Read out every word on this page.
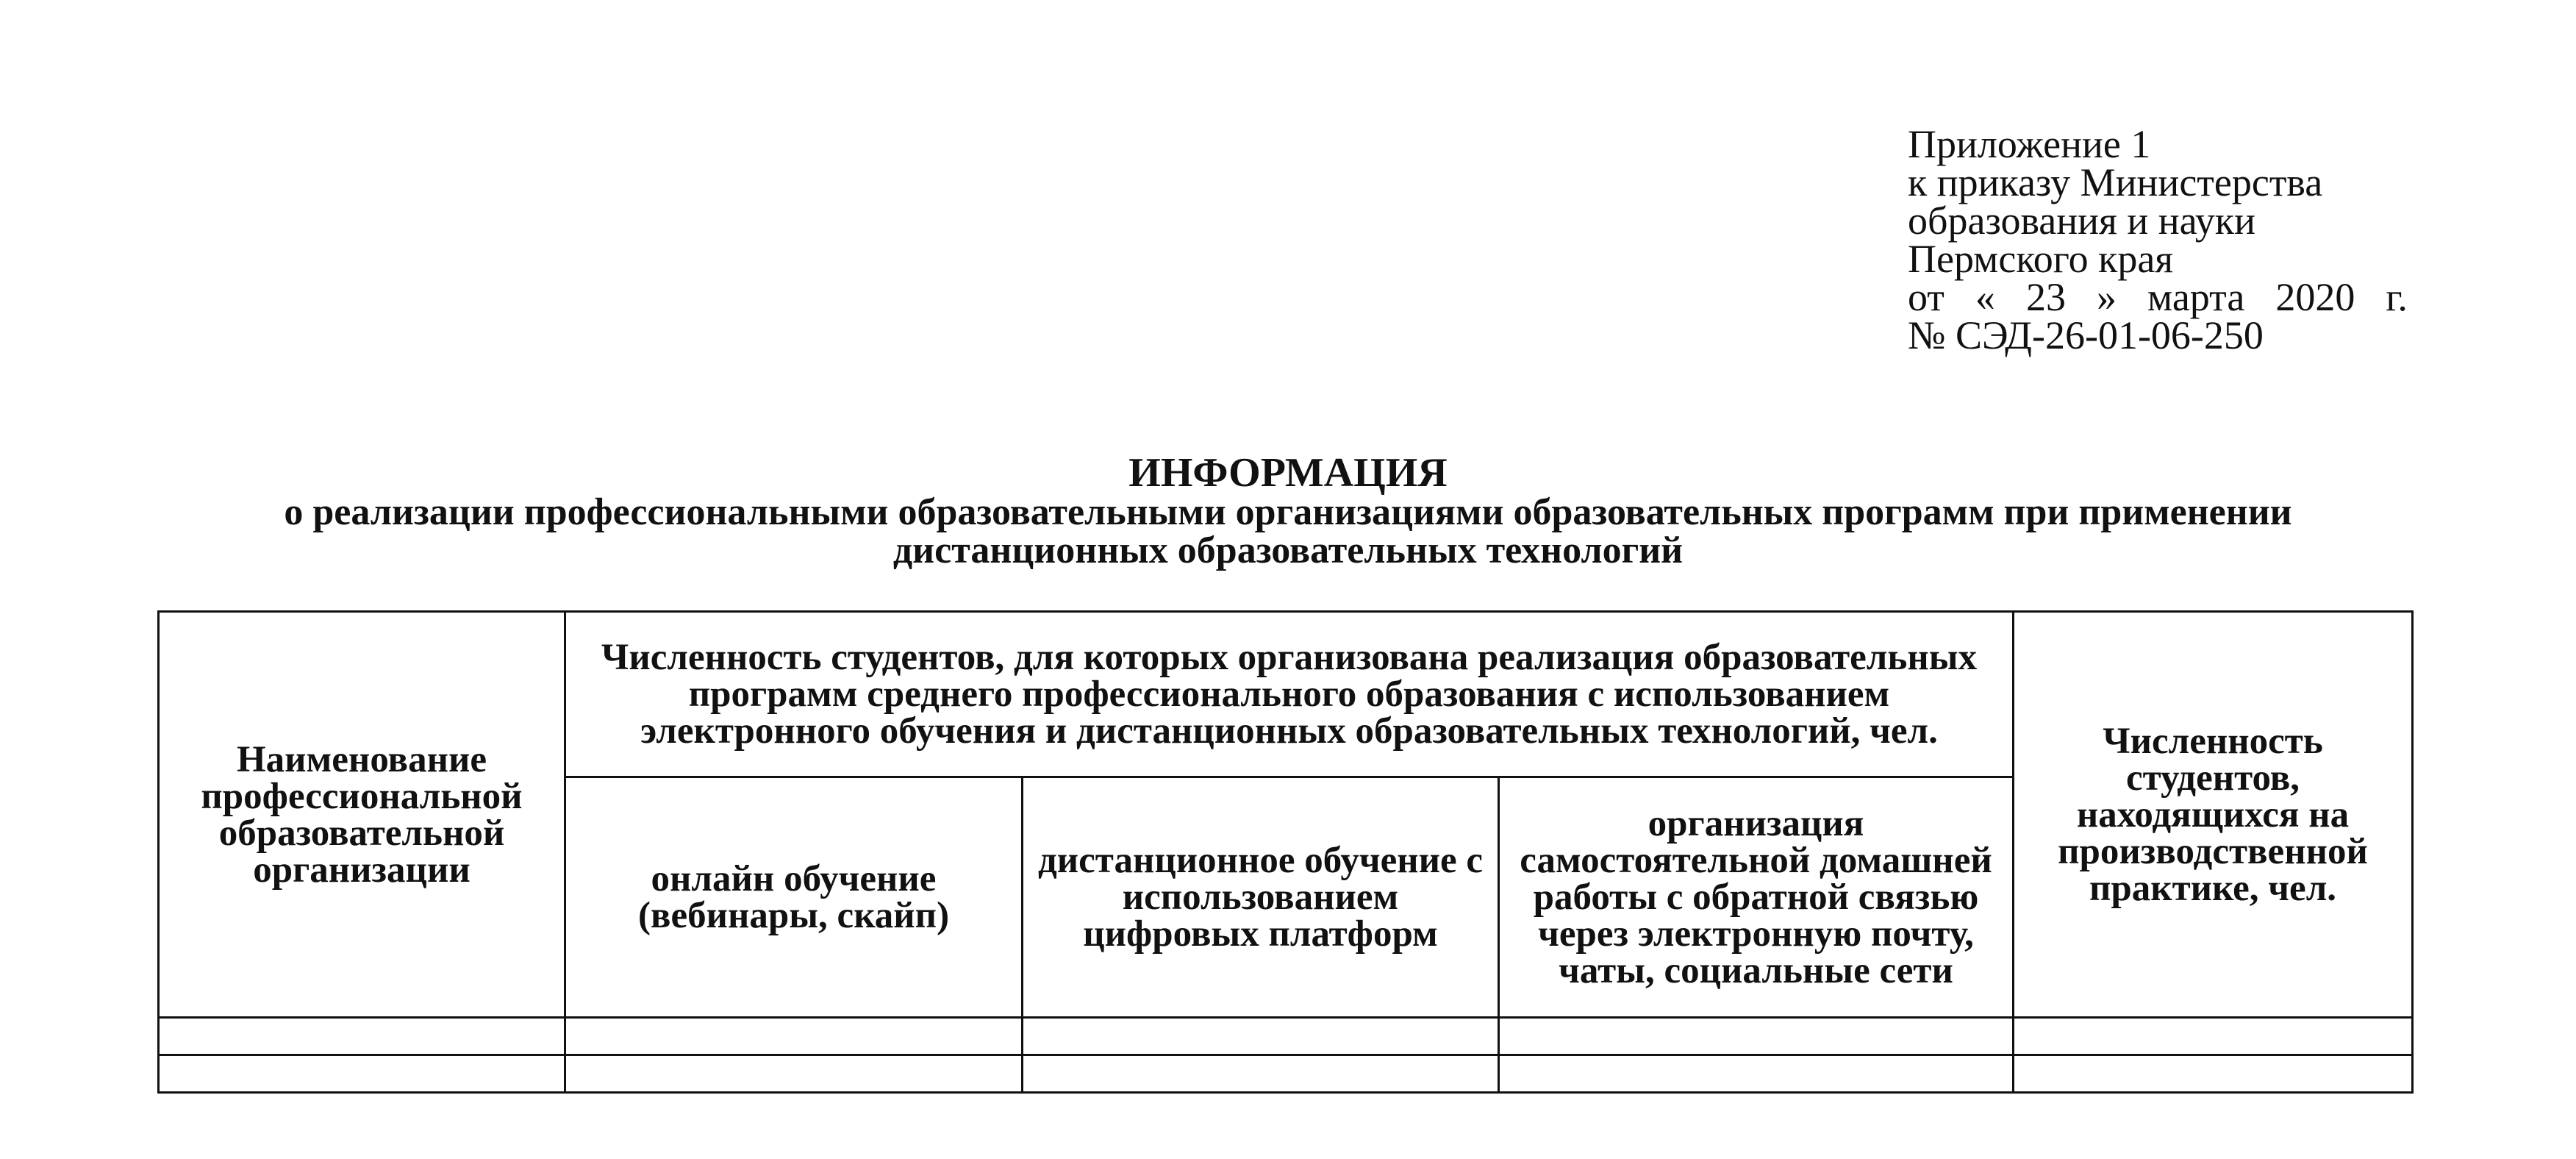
Приложение 1
к приказу Министерства
образования и науки
Пермского края
от « 23 » марта 2020 г.
№ СЭД-26-01-06-250
ИНФОРМАЦИЯ
о реализации профессиональными образовательными организациями образовательных программ при применении дистанционных образовательных технологий
Наименование профессиональной образовательной организации	Численность студентов, для которых организована реализация образовательных программ среднего профессионального образования с использованием электронного обучения и дистанционных образовательных технологий, чел.			Численность студентов, находящихся на производственной практике, чел.
	онлайн обучение (вебинары, скайп)	дистанционное обучение с использованием цифровых платформ	организация самостоятельной домашней работы с обратной связью через электронную почту, чаты, социальные сети	
